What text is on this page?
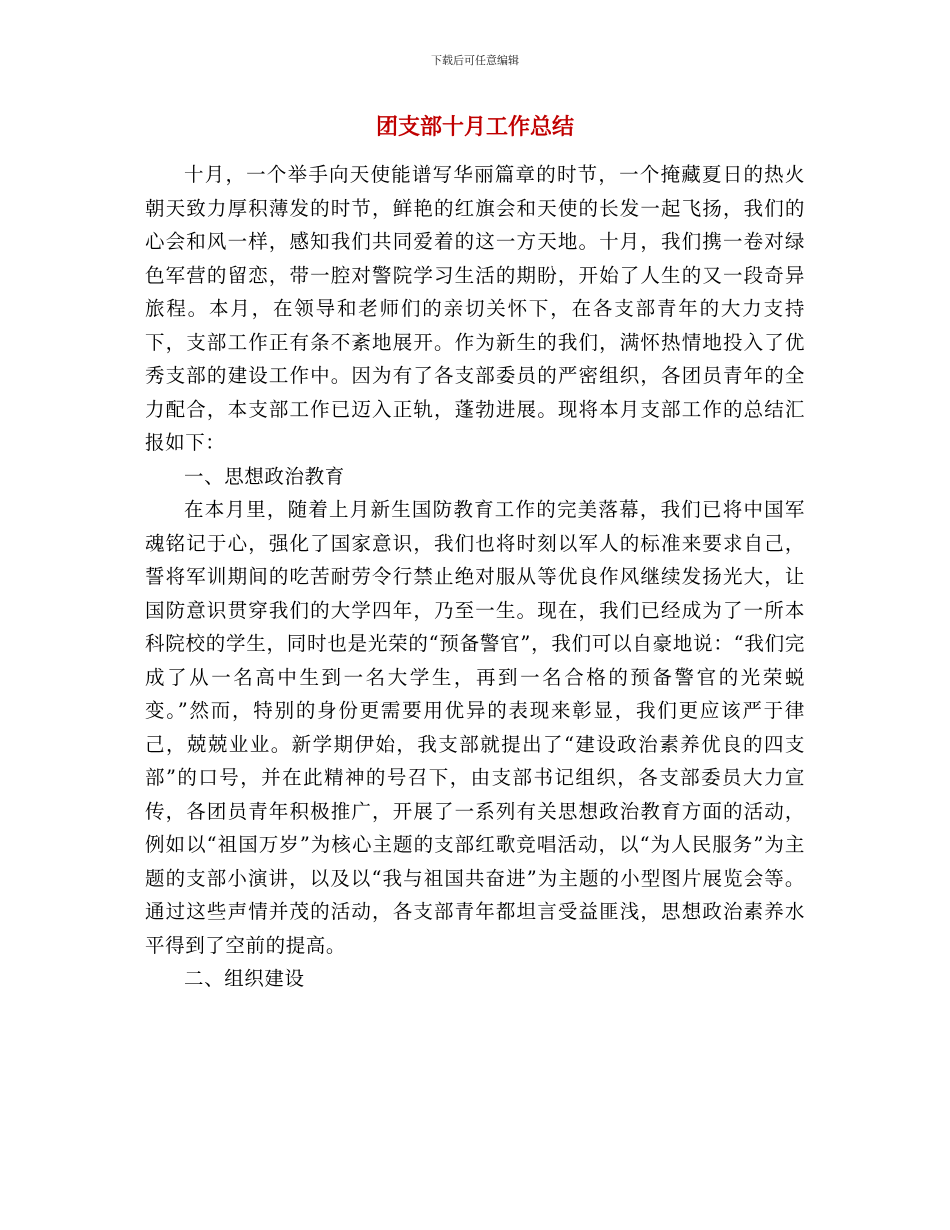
下载后可任意编辑
团支部十月工作总结

十月，一个举手向天使能谱写华丽篇章的时节，一个掩藏夏日的热火朝天致力厚积薄发的时节，鲜艳的红旗会和天使的长发一起飞扬，我们的心会和风一样，感知我们共同爱着的这一方天地。十月，我们携一卷对绿色军营的留恋，带一腔对警院学习生活的期盼，开始了人生的又一段奇异旅程。本月，在领导和老师们的亲切关怀下，在各支部青年的大力支持下，支部工作正有条不紊地展开。作为新生的我们，满怀热情地投入了优秀支部的建设工作中。因为有了各支部委员的严密组织，各团员青年的全力配合，本支部工作已迈入正轨，蓬勃进展。现将本月支部工作的总结汇报如下：

一、思想政治教育

在本月里，随着上月新生国防教育工作的完美落幕，我们已将中国军魂铭记于心，强化了国家意识，我们也将时刻以军人的标准来要求自己，誓将军训期间的吃苦耐劳令行禁止绝对服从等优良作风继续发扬光大，让国防意识贯穿我们的大学四年，乃至一生。现在，我们已经成为了一所本科院校的学生，同时也是光荣的“预备警官”，我们可以自豪地说：“我们完成了从一名高中生到一名大学生，再到一名合格的预备警官的光荣蜕变。”然而，特别的身份更需要用优异的表现来彰显，我们更应该严于律己，兢兢业业。新学期伊始，我支部就提出了“建设政治素养优良的四支部”的口号，并在此精神的号召下，由支部书记组织，各支部委员大力宣传，各团员青年积极推广，开展了一系列有关思想政治教育方面的活动，例如以“祖国万岁”为核心主题的支部红歌竞唱活动，以“为人民服务”为主题的支部小演讲，以及以“我与祖国共奋进”为主题的小型图片展览会等。通过这些声情并茂的活动，各支部青年都坦言受益匪浅，思想政治素养水平得到了空前的提高。

二、组织建设
